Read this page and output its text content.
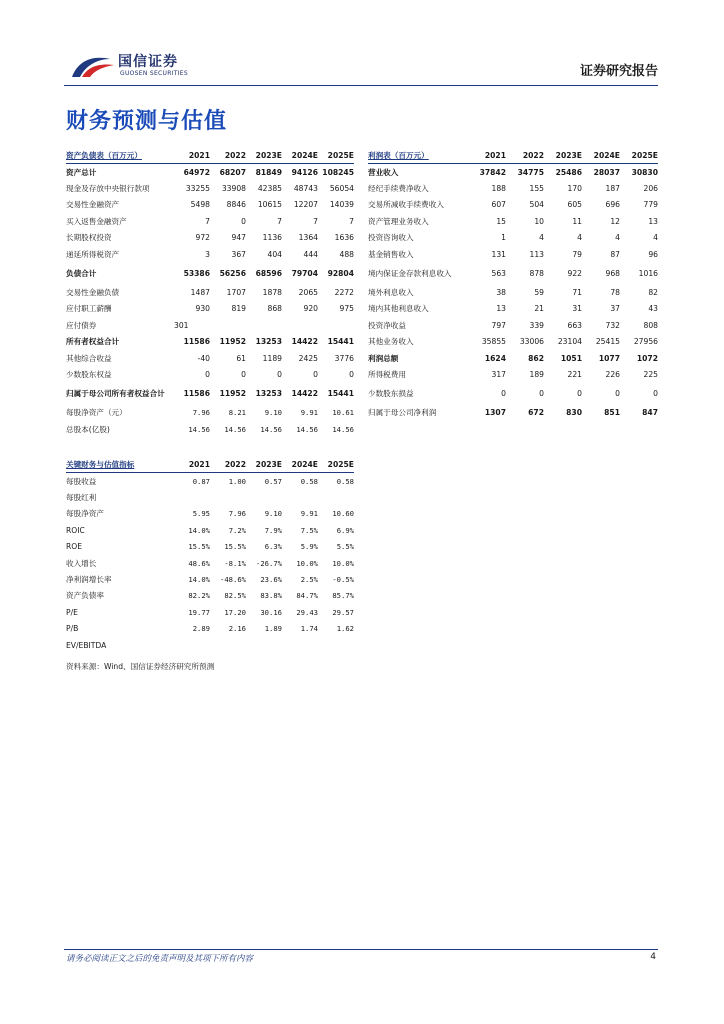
国信证券
GUOSEN SECURITIES	证券研究报告
财务预测与估值
资产负债表（百万元）	2021	2022	2023E	2024E	2025E
资产总计	64972	68207	81849	94126	108245
现金及存放中央银行款项	33255	33908	42385	48743	56054
交易性金融资产	5498	8846	10615	12207	14039
买入返售金融资产	7	0	7	7	7
长期股权投资	972	947	1136	1364	1636
递延所得税资产	3	367	404	444	488
负债合计	53386	56256	68596	79704	92804
交易性金融负债	1487	1707	1878	2065	2272
应付职工薪酬	930	819	868	920	975
应付债券	301				
所有者权益合计	11586	11952	13253	14422	15441
其他综合收益	-40	61	1189	2425	3776
少数股东权益	0	0	0	0	0
归属于母公司所有者权益合计	11586	11952	13253	14422	15441
每股净资产（元）	7.96	8.21	9.10	9.91	10.61
总股本(亿股)	14.56	14.56	14.56	14.56	14.56
利润表（百万元）	2021	2022	2023E	2024E	2025E
营业收入	37842	34775	25486	28037	30830
经纪手续费净收入	188	155	170	187	206
交易所减收手续费收入	607	504	605	696	779
资产管理业务收入	15	10	11	12	13
投资咨询收入	1	4	4	4	4
基金销售收入	131	113	79	87	96
境内保证金存款利息收入	563	878	922	968	1016
境外利息收入	38	59	71	78	82
境内其他利息收入	13	21	31	37	43
投资净收益	797	339	663	732	808
其他业务收入	35855	33006	23104	25415	27956
利润总额	1624	862	1051	1077	1072
所得税费用	317	189	221	226	225
少数股东损益	0	0	0	0	0
归属于母公司净利润	1307	672	830	851	847
关键财务与估值指标	2021	2022	2023E	2024E	2025E
每股收益	0.87	1.00	0.57	0.58	0.58
每股红利					
每股净资产	5.95	7.96	9.10	9.91	10.60
ROIC	14.0%	7.2%	7.9%	7.5%	6.9%
ROE	15.5%	15.5%	6.3%	5.9%	5.5%
收入增长	48.6%	-8.1%	-26.7%	10.0%	10.0%
净利润增长率	14.0%	-48.6%	23.6%	2.5%	-0.5%
资产负债率	82.2%	82.5%	83.8%	84.7%	85.7%
P/E	19.77	17.20	30.16	29.43	29.57
P/B	2.89	2.16	1.89	1.74	1.62
EV/EBITDA					
资料来源：Wind、国信证券经济研究所预测
请务必阅读正文之后的免责声明及其项下所有内容	4
